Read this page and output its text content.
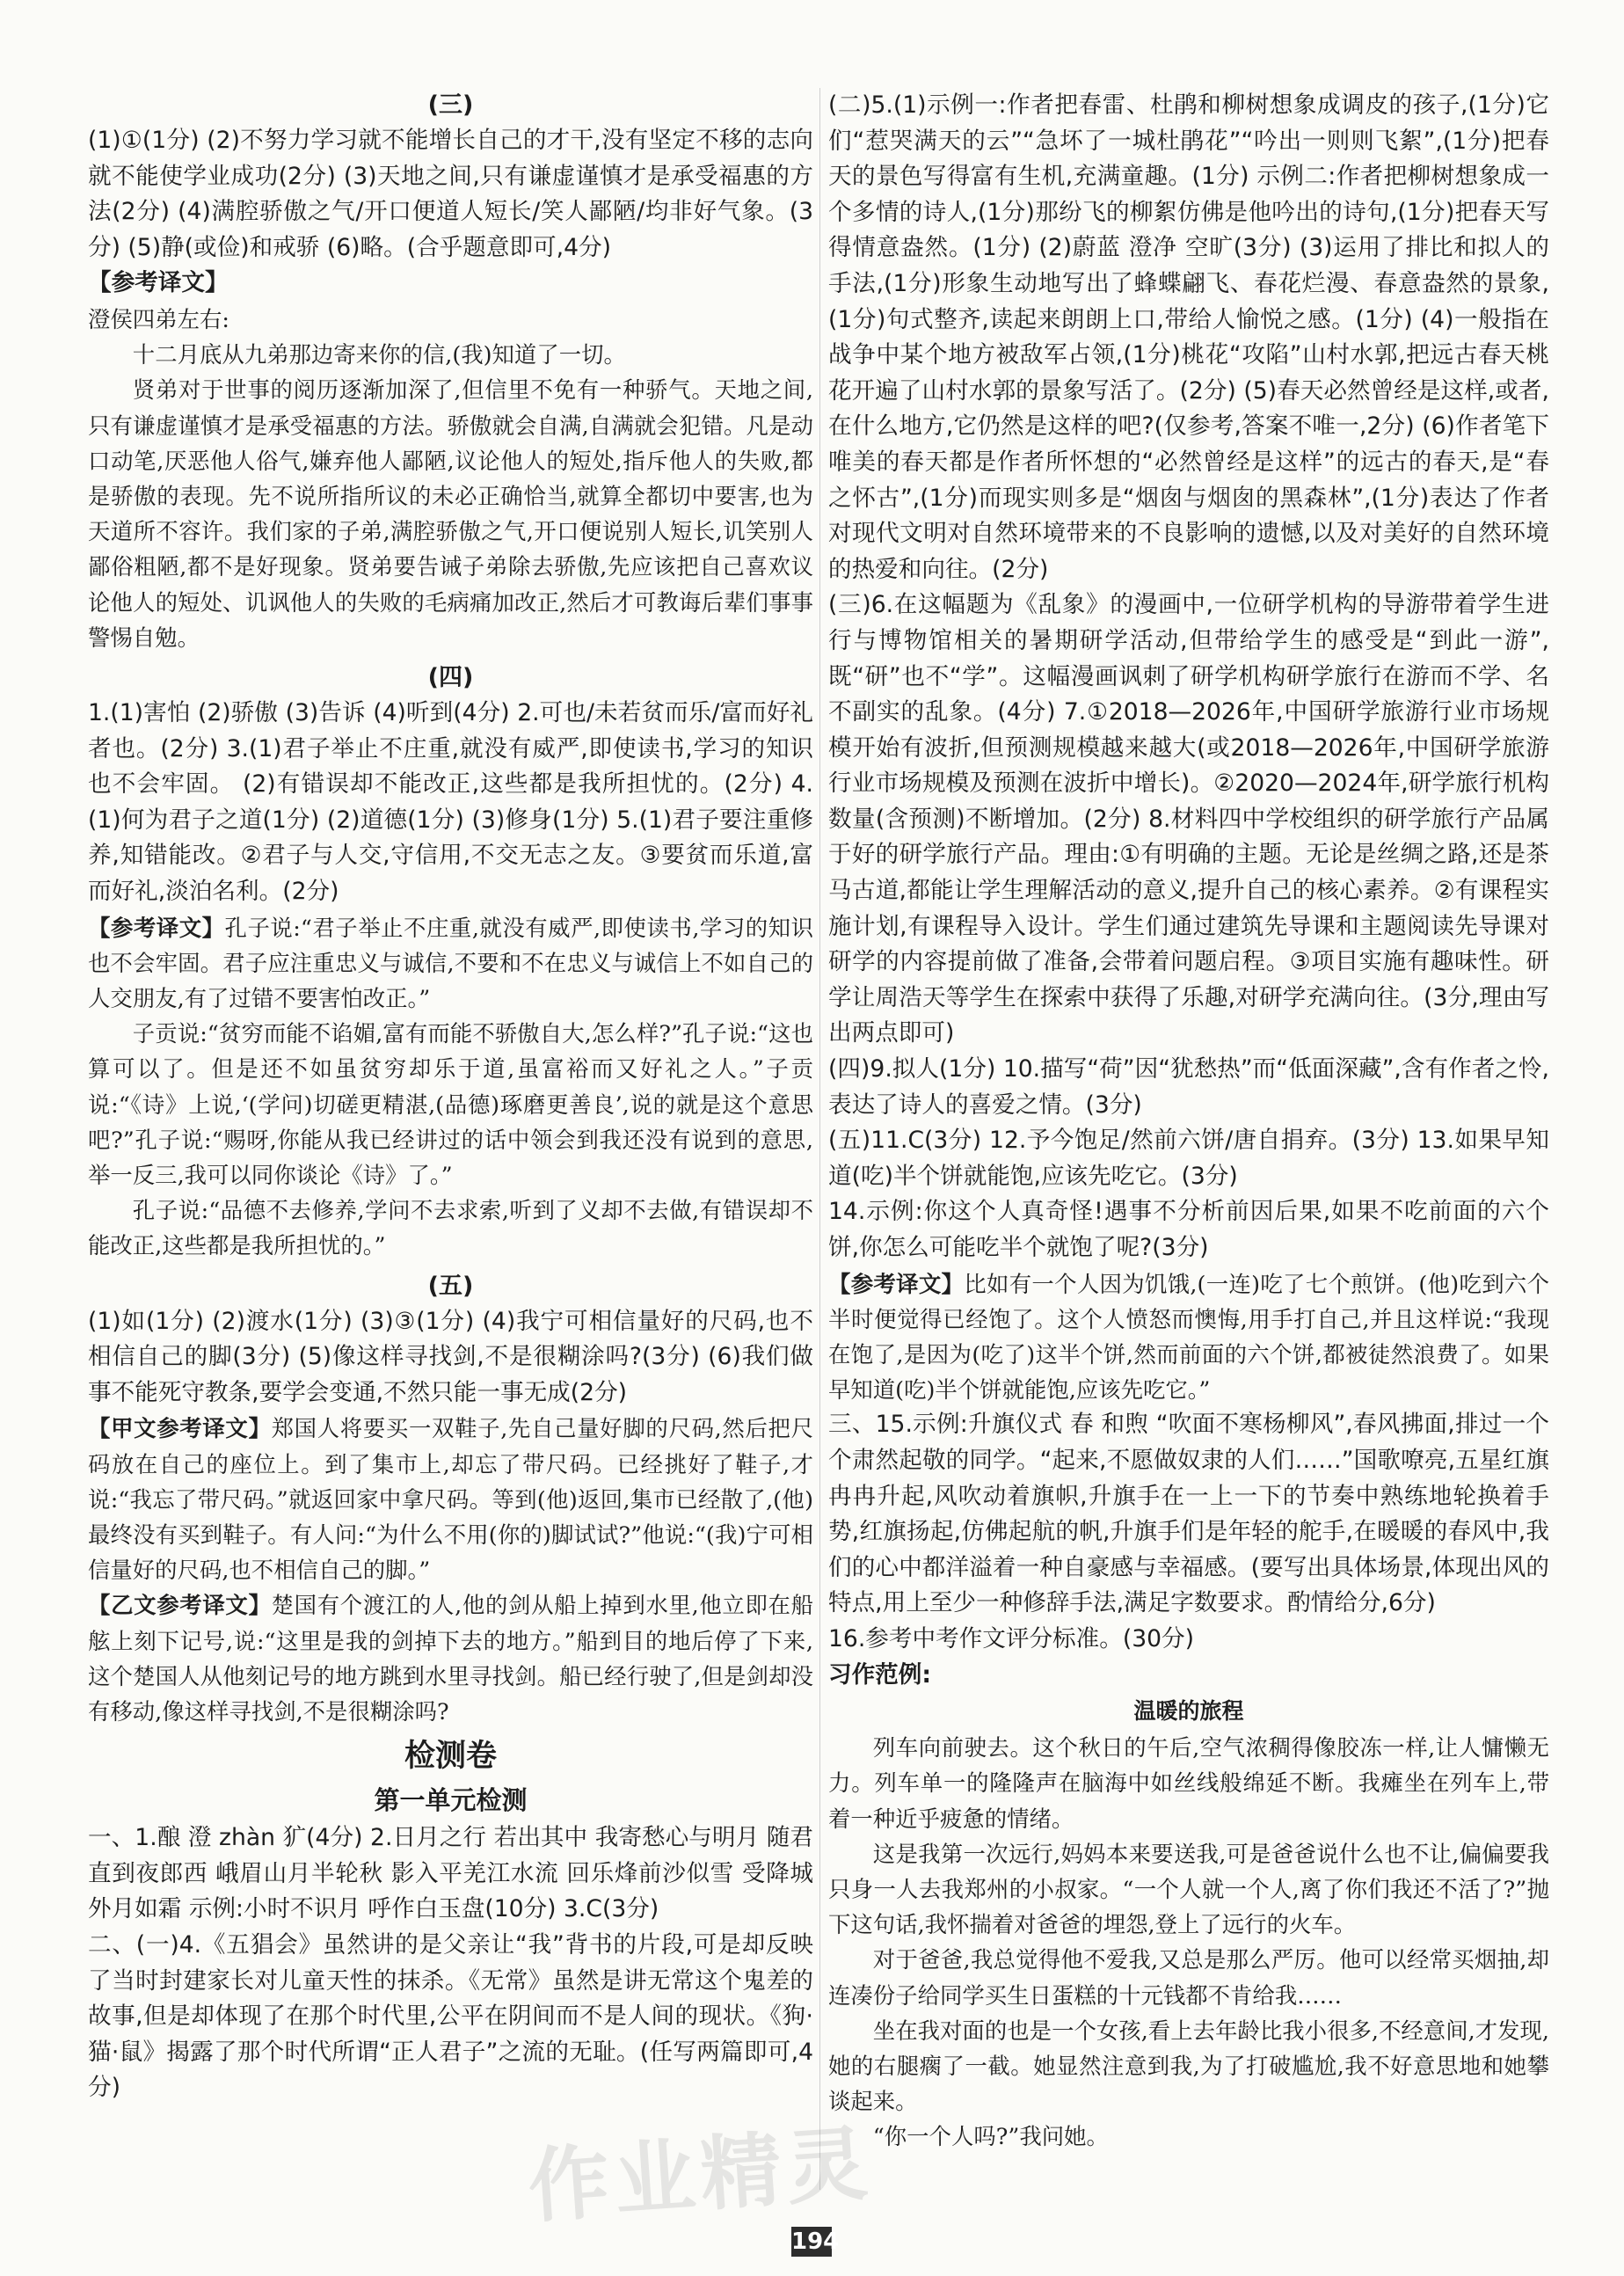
(三)

(1)①(1分) (2)不努力学习就不能增长自己的才干,没有坚定不移的志向就不能使学业成功(2分) (3)天地之间,只有谦虚谨慎才是承受福惠的方法(2分) (4)满腔骄傲之气/开口便道人短长/笑人鄙陋/均非好气象。(3分) (5)静(或俭)和戒骄 (6)略。(合乎题意即可,4分)

【参考译文】

澄侯四弟左右:

十二月底从九弟那边寄来你的信,(我)知道了一切。

贤弟对于世事的阅历逐渐加深了,但信里不免有一种骄气。天地之间,只有谦虚谨慎才是承受福惠的方法。骄傲就会自满,自满就会犯错。凡是动口动笔,厌恶他人俗气,嫌弃他人鄙陋,议论他人的短处,指斥他人的失败,都是骄傲的表现。先不说所指所议的未必正确恰当,就算全都切中要害,也为天道所不容许。我们家的子弟,满腔骄傲之气,开口便说别人短长,讥笑别人鄙俗粗陋,都不是好现象。贤弟要告诫子弟除去骄傲,先应该把自己喜欢议论他人的短处、讥讽他人的失败的毛病痛加改正,然后才可教诲后辈们事事警惕自勉。

(四)

1.(1)害怕 (2)骄傲 (3)告诉 (4)听到(4分) 2.可也/未若贫而乐/富而好礼者也。(2分) 3.(1)君子举止不庄重,就没有威严,即使读书,学习的知识也不会牢固。 (2)有错误却不能改正,这些都是我所担忧的。(2分) 4.(1)何为君子之道(1分) (2)道德(1分) (3)修身(1分) 5.(1)君子要注重修养,知错能改。②君子与人交,守信用,不交无志之友。③要贫而乐道,富而好礼,淡泊名利。(2分)

【参考译文】孔子说:“君子举止不庄重,就没有威严,即使读书,学习的知识也不会牢固。君子应注重忠义与诚信,不要和不在忠义与诚信上不如自己的人交朋友,有了过错不要害怕改正。”

子贡说:“贫穷而能不谄媚,富有而能不骄傲自大,怎么样?”孔子说:“这也算可以了。但是还不如虽贫穷却乐于道,虽富裕而又好礼之人。”子贡说:“《诗》上说,‘(学问)切磋更精湛,(品德)琢磨更善良’,说的就是这个意思吧?”孔子说:“赐呀,你能从我已经讲过的话中领会到我还没有说到的意思,举一反三,我可以同你谈论《诗》了。”

孔子说:“品德不去修养,学问不去求索,听到了义却不去做,有错误却不能改正,这些都是我所担忧的。”

(五)

(1)如(1分) (2)渡水(1分) (3)③(1分) (4)我宁可相信量好的尺码,也不相信自己的脚(3分) (5)像这样寻找剑,不是很糊涂吗?(3分) (6)我们做事不能死守教条,要学会变通,不然只能一事无成(2分)

【甲文参考译文】郑国人将要买一双鞋子,先自己量好脚的尺码,然后把尺码放在自己的座位上。到了集市上,却忘了带尺码。已经挑好了鞋子,才说:“我忘了带尺码。”就返回家中拿尺码。等到(他)返回,集市已经散了,(他)最终没有买到鞋子。有人问:“为什么不用(你的)脚试试?”他说:“(我)宁可相信量好的尺码,也不相信自己的脚。”

【乙文参考译文】楚国有个渡江的人,他的剑从船上掉到水里,他立即在船舷上刻下记号,说:“这里是我的剑掉下去的地方。”船到目的地后停了下来,这个楚国人从他刻记号的地方跳到水里寻找剑。船已经行驶了,但是剑却没有移动,像这样寻找剑,不是很糊涂吗?

检测卷

第一单元检测

一、1.酿 澄 zhàn 犷(4分) 2.日月之行 若出其中 我寄愁心与明月 随君直到夜郎西 峨眉山月半轮秋 影入平羌江水流 回乐烽前沙似雪 受降城外月如霜 示例:小时不识月 呼作白玉盘(10分) 3.C(3分)

二、(一)4.《五猖会》虽然讲的是父亲让“我”背书的片段,可是却反映了当时封建家长对儿童天性的抹杀。《无常》虽然是讲无常这个鬼差的故事,但是却体现了在那个时代里,公平在阴间而不是人间的现状。《狗·猫·鼠》揭露了那个时代所谓“正人君子”之流的无耻。(任写两篇即可,4分)

(二)5.(1)示例一:作者把春雷、杜鹃和柳树想象成调皮的孩子,(1分)它们“惹哭满天的云”“急坏了一城杜鹃花”“吟出一则则飞絮”,(1分)把春天的景色写得富有生机,充满童趣。(1分) 示例二:作者把柳树想象成一个多情的诗人,(1分)那纷飞的柳絮仿佛是他吟出的诗句,(1分)把春天写得情意盎然。(1分) (2)蔚蓝 澄净 空旷(3分) (3)运用了排比和拟人的手法,(1分)形象生动地写出了蜂蝶翩飞、春花烂漫、春意盎然的景象,(1分)句式整齐,读起来朗朗上口,带给人愉悦之感。(1分) (4)一般指在战争中某个地方被敌军占领,(1分)桃花“攻陷”山村水郭,把远古春天桃花开遍了山村水郭的景象写活了。(2分) (5)春天必然曾经是这样,或者,在什么地方,它仍然是这样的吧?(仅参考,答案不唯一,2分) (6)作者笔下唯美的春天都是作者所怀想的“必然曾经是这样”的远古的春天,是“春之怀古”,(1分)而现实则多是“烟囱与烟囱的黑森林”,(1分)表达了作者对现代文明对自然环境带来的不良影响的遗憾,以及对美好的自然环境的热爱和向往。(2分)

(三)6.在这幅题为《乱象》的漫画中,一位研学机构的导游带着学生进行与博物馆相关的暑期研学活动,但带给学生的感受是“到此一游”,既“研”也不“学”。这幅漫画讽刺了研学机构研学旅行在游而不学、名不副实的乱象。(4分) 7.①2018—2026年,中国研学旅游行业市场规模开始有波折,但预测规模越来越大(或2018—2026年,中国研学旅游行业市场规模及预测在波折中增长)。②2020—2024年,研学旅行机构数量(含预测)不断增加。(2分) 8.材料四中学校组织的研学旅行产品属于好的研学旅行产品。理由:①有明确的主题。无论是丝绸之路,还是茶马古道,都能让学生理解活动的意义,提升自己的核心素养。②有课程实施计划,有课程导入设计。学生们通过建筑先导课和主题阅读先导课对研学的内容提前做了准备,会带着问题启程。③项目实施有趣味性。研学让周浩天等学生在探索中获得了乐趣,对研学充满向往。(3分,理由写出两点即可)

(四)9.拟人(1分) 10.描写“荷”因“犹愁热”而“低面深藏”,含有作者之怜,表达了诗人的喜爱之情。(3分)

(五)11.C(3分) 12.予今饱足/然前六饼/唐自捐弃。(3分) 13.如果早知道(吃)半个饼就能饱,应该先吃它。(3分)

14.示例:你这个人真奇怪!遇事不分析前因后果,如果不吃前面的六个饼,你怎么可能吃半个就饱了呢?(3分)

【参考译文】比如有一个人因为饥饿,(一连)吃了七个煎饼。(他)吃到六个半时便觉得已经饱了。这个人愤怒而懊悔,用手打自己,并且这样说:“我现在饱了,是因为(吃了)这半个饼,然而前面的六个饼,都被徒然浪费了。如果早知道(吃)半个饼就能饱,应该先吃它。”

三、15.示例:升旗仪式 春 和煦 “吹面不寒杨柳风”,春风拂面,排过一个个肃然起敬的同学。“起来,不愿做奴隶的人们……”国歌嘹亮,五星红旗冉冉升起,风吹动着旗帜,升旗手在一上一下的节奏中熟练地轮换着手势,红旗扬起,仿佛起航的帆,升旗手们是年轻的舵手,在暖暖的春风中,我们的心中都洋溢着一种自豪感与幸福感。(要写出具体场景,体现出风的特点,用上至少一种修辞手法,满足字数要求。酌情给分,6分)

16.参考中考作文评分标准。(30分)

习作范例:

温暖的旅程

列车向前驶去。这个秋日的午后,空气浓稠得像胶冻一样,让人慵懒无力。列车单一的隆隆声在脑海中如丝线般绵延不断。我瘫坐在列车上,带着一种近乎疲惫的情绪。

这是我第一次远行,妈妈本来要送我,可是爸爸说什么也不让,偏偏要我只身一人去我郑州的小叔家。“一个人就一个人,离了你们我还不活了?”抛下这句话,我怀揣着对爸爸的埋怨,登上了远行的火车。

对于爸爸,我总觉得他不爱我,又总是那么严厉。他可以经常买烟抽,却连凑份子给同学买生日蛋糕的十元钱都不肯给我……

坐在我对面的也是一个女孩,看上去年龄比我小很多,不经意间,才发现,她的右腿瘸了一截。她显然注意到我,为了打破尴尬,我不好意思地和她攀谈起来。

“你一个人吗?”我问她。

作业精灵
194
